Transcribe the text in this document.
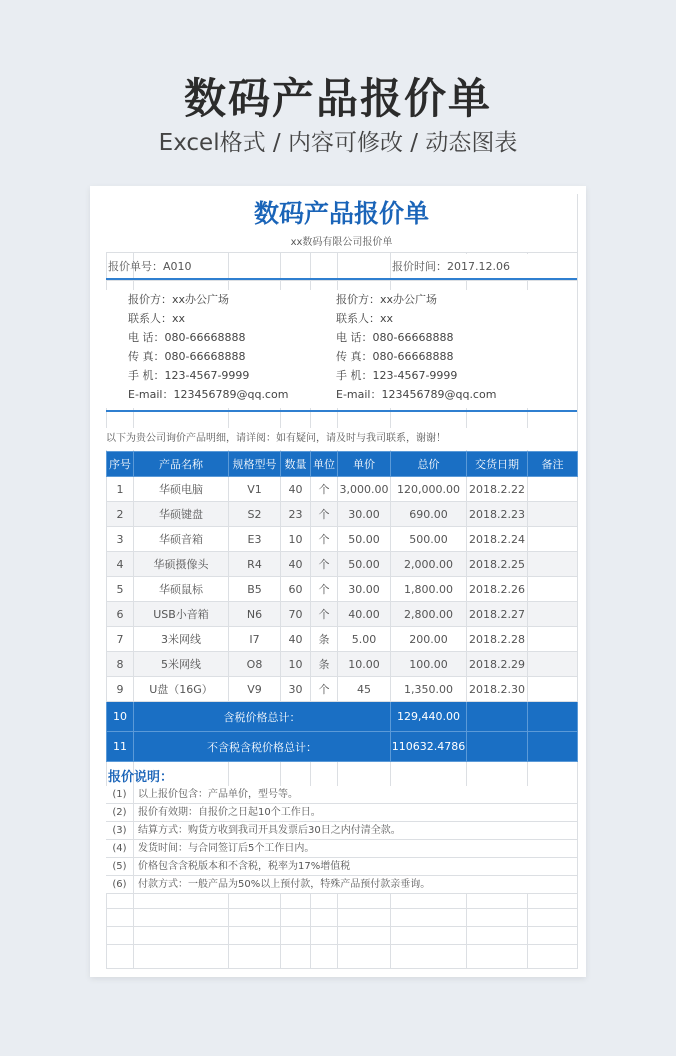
数码产品报价单
Excel格式 / 内容可修改 / 动态图表
数码产品报价单
xx数码有限公司报价单
报价单号：A010	报价时间：2017.12.06
报价方：xx办公广场
联系人：xx
电 话：080-66668888
传 真：080-66668888
手 机：123-4567-9999
E-mail：123456789@qq.com
报价方：xx办公广场
联系人：xx
电 话：080-66668888
传 真：080-66668888
手 机：123-4567-9999
E-mail：123456789@qq.com
以下为贵公司询价产品明细，请详阅：如有疑问，请及时与我司联系，谢谢！
序号	产品名称	规格型号	数量	单位	单价	总价	交货日期	备注
1	华硕电脑	V1	40	个	3,000.00	120,000.00	2018.2.22	
2	华硕键盘	S2	23	个	30.00	690.00	2018.2.23	
3	华硕音箱	E3	10	个	50.00	500.00	2018.2.24	
4	华硕摄像头	R4	40	个	50.00	2,000.00	2018.2.25	
5	华硕鼠标	B5	60	个	30.00	1,800.00	2018.2.26	
6	USB小音箱	N6	70	个	40.00	2,800.00	2018.2.27	
7	3米网线	I7	40	条	5.00	200.00	2018.2.28	
8	5米网线	O8	10	条	10.00	100.00	2018.2.29	
9	U盘（16G）	V9	30	个	45	1,350.00	2018.2.30	
10	含税价格总计：					129,440.00		
11	不含税含税价格总计：					110632.4786		
报价说明：
(1) 以上报价包含：产品单价，型号等。
(2) 报价有效期：自报价之日起10个工作日。
(3) 结算方式：购货方收到我司开具发票后30日之内付清全款。
(4) 发货时间：与合同签订后5个工作日内。
(5) 价格包含含税版本和不含税，税率为17%增值税
(6) 付款方式：一般产品为50%以上预付款，特殊产品预付款亲垂询。
